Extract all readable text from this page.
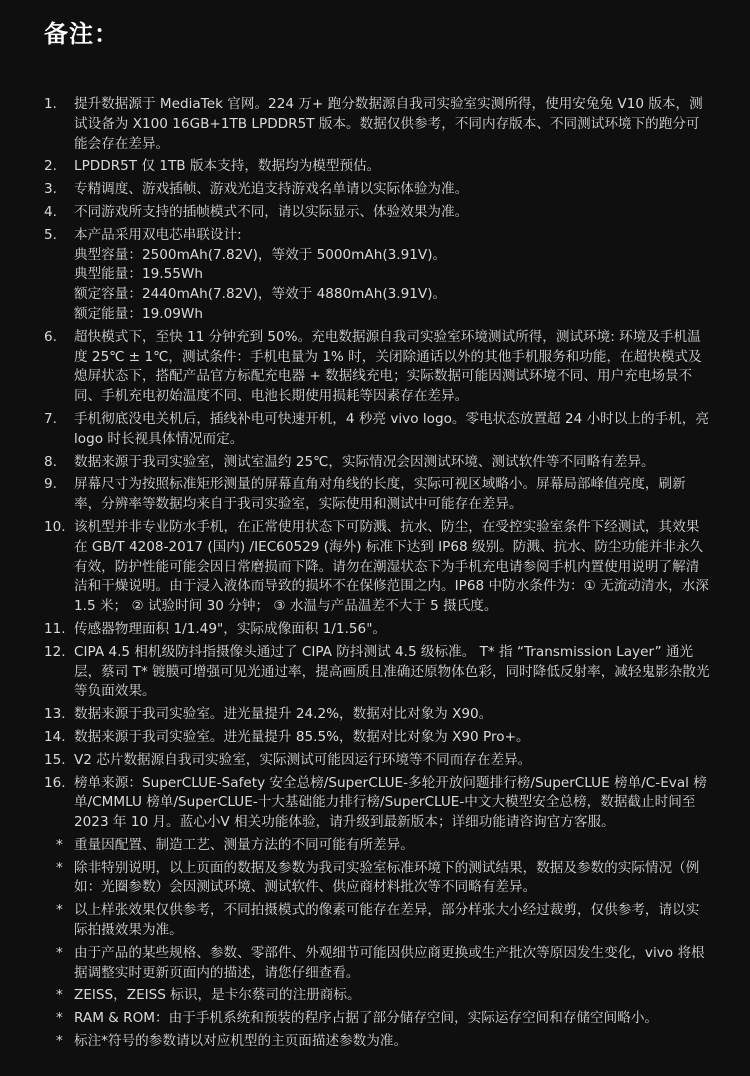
备注：
1. 提升数据源于 MediaTek 官网。224 万+ 跑分数据源自我司实验室实测所得，使用安兔兔 V10 版本，测试设备为 X100 16GB+1TB LPDDR5T 版本。数据仅供参考，不同内存版本、不同测试环境下的跑分可能会存在差异。
2. LPDDR5T 仅 1TB 版本支持，数据均为模型预估。
3. 专精调度、游戏插帧、游戏光追支持游戏名单请以实际体验为准。
4. 不同游戏所支持的插帧模式不同，请以实际显示、体验效果为准。
5. 本产品采用双电芯串联设计:
典型容量：2500mAh(7.82V)，等效于 5000mAh(3.91V)。
典型能量：19.55Wh
额定容量：2440mAh(7.82V)，等效于 4880mAh(3.91V)。
额定能量：19.09Wh
6. 超快模式下，至快 11 分钟充到 50%。充电数据源自我司实验室环境测试所得，测试环境: 环境及手机温度 25℃ ± 1℃，测试条件：手机电量为 1% 时，关闭除通话以外的其他手机服务和功能，在超快模式及熄屏状态下，搭配产品官方标配充电器 + 数据线充电；实际数据可能因测试环境不同、用户充电场景不同、手机充电初始温度不同、电池长期使用损耗等因素存在差异。
7. 手机彻底没电关机后，插线补电可快速开机，4 秒亮 vivo logo。零电状态放置超 24 小时以上的手机，亮 logo 时长视具体情况而定。
8. 数据来源于我司实验室，测试室温约 25℃，实际情况会因测试环境、测试软件等不同略有差异。
9. 屏幕尺寸为按照标准矩形测量的屏幕直角对角线的长度，实际可视区域略小。屏幕局部峰值亮度，刷新率，分辨率等数据均来自于我司实验室，实际使用和测试中可能存在差异。
10. 该机型并非专业防水手机，在正常使用状态下可防溅、抗水、防尘，在受控实验室条件下经测试，其效果在 GB/T 4208-2017 (国内) /IEC60529 (海外) 标准下达到 IP68 级别。防溅、抗水、防尘功能并非永久有效，防护性能可能会因日常磨损而下降。请勿在潮湿状态下为手机充电请参阅手机内置使用说明了解清洁和干燥说明。由于浸入液体而导致的损坏不在保修范围之内。IP68 中防水条件为：① 无流动清水，水深 1.5 米； ② 试验时间 30 分钟； ③ 水温与产品温差不大于 5 摄氏度。
11. 传感器物理面积 1/1.49"，实际成像面积 1/1.56"。
12. CIPA 4.5 相机级防抖指摄像头通过了 CIPA 防抖测试 4.5 级标准。 T* 指 “Transmission Layer” 通光层，蔡司 T* 镀膜可增强可见光通过率，提高画质且准确还原物体色彩，同时降低反射率，减轻鬼影杂散光等负面效果。
13. 数据来源于我司实验室。进光量提升 24.2%，数据对比对象为 X90。
14. 数据来源于我司实验室。进光量提升 85.5%，数据对比对象为 X90 Pro+。
15. V2 芯片数据源自我司实验室，实际测试可能因运行环境等不同而存在差异。
16. 榜单来源：SuperCLUE-Safety 安全总榜/SuperCLUE-多轮开放问题排行榜/SuperCLUE 榜单/C-Eval 榜单/CMMLU 榜单/SuperCLUE-十大基础能力排行榜/SuperCLUE-中文大模型安全总榜，数据截止时间至 2023 年 10 月。蓝心小V 相关功能体验，请升级到最新版本；详细功能请咨询官方客服。
* 重量因配置、制造工艺、测量方法的不同可能有所差异。
* 除非特别说明，以上页面的数据及参数为我司实验室标准环境下的测试结果，数据及参数的实际情况（例如：光圈参数）会因测试环境、测试软件、供应商材料批次等不同略有差异。
* 以上样张效果仅供参考，不同拍摄模式的像素可能存在差异，部分样张大小经过裁剪，仅供参考，请以实际拍摄效果为准。
* 由于产品的某些规格、参数、零部件、外观细节可能因供应商更换或生产批次等原因发生变化，vivo 将根据调整实时更新页面内的描述，请您仔细查看。
* ZEISS，ZEISS 标识，是卡尔蔡司的注册商标。
* RAM & ROM：由于手机系统和预装的程序占据了部分储存空间，实际运存空间和存储空间略小。
* 标注*符号的参数请以对应机型的主页面描述参数为准。
